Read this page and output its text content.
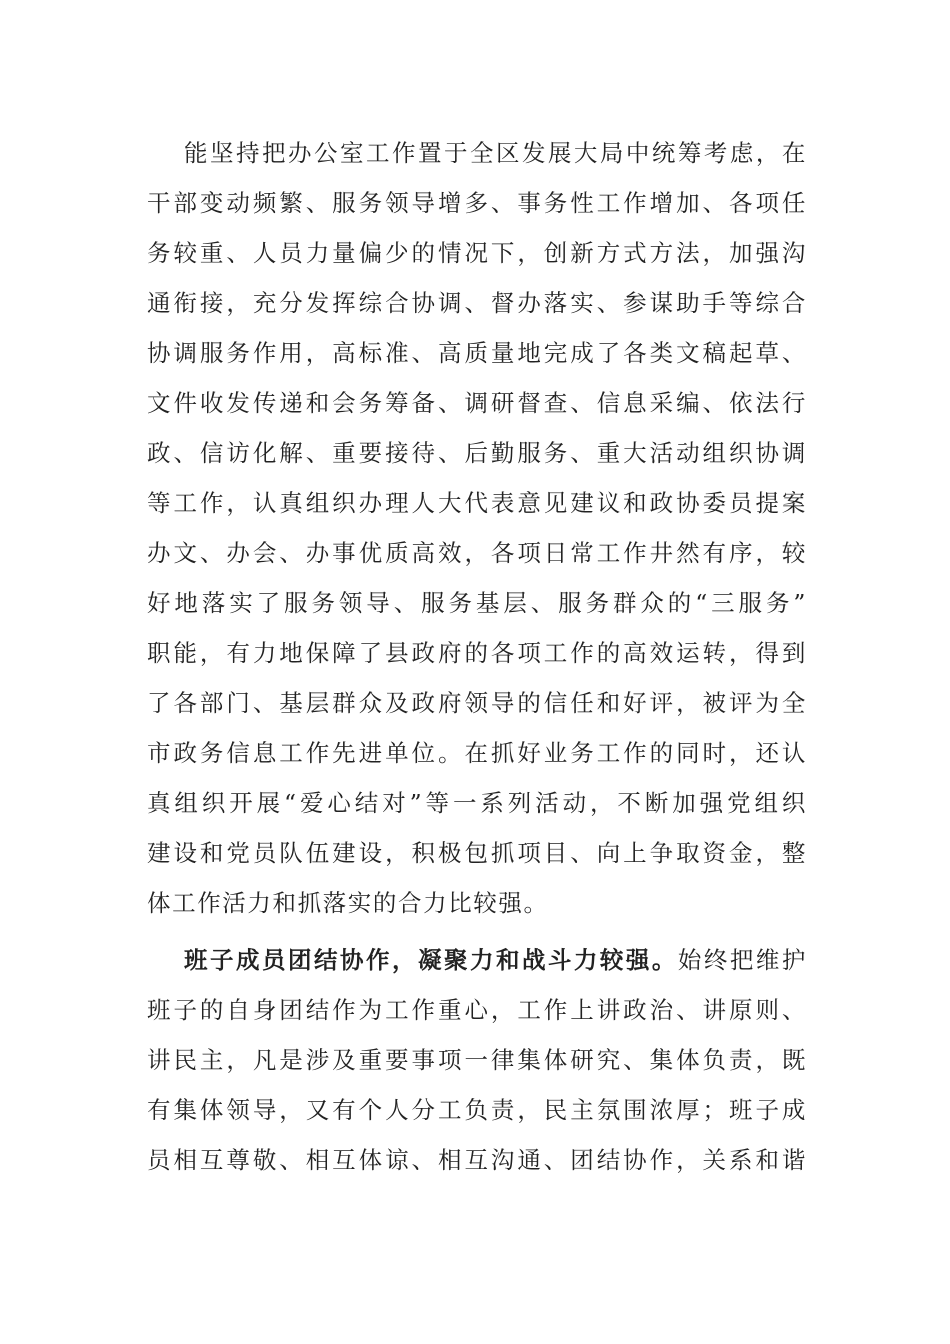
能坚持把办公室工作置于全区发展大局中统筹考虑，在
干部变动频繁、服务领导增多、事务性工作增加、各项任
务较重、人员力量偏少的情况下，创新方式方法，加强沟
通衔接，充分发挥综合协调、督办落实、参谋助手等综合
协调服务作用，高标准、高质量地完成了各类文稿起草、
文件收发传递和会务筹备、调研督查、信息采编、依法行
政、信访化解、重要接待、后勤服务、重大活动组织协调
等工作，认真组织办理人大代表意见建议和政协委员提案
办文、办会、办事优质高效，各项日常工作井然有序，较
好地落实了服务领导、服务基层、服务群众的“三服务”
职能，有力地保障了县政府的各项工作的高效运转，得到
了各部门、基层群众及政府领导的信任和好评，被评为全
市政务信息工作先进单位。在抓好业务工作的同时，还认
真组织开展“爱心结对”等一系列活动，不断加强党组织
建设和党员队伍建设，积极包抓项目、向上争取资金，整
体工作活力和抓落实的合力比较强。
班子成员团结协作，凝聚力和战斗力较强。始终把维护
班子的自身团结作为工作重心，工作上讲政治、讲原则、
讲民主，凡是涉及重要事项一律集体研究、集体负责，既
有集体领导，又有个人分工负责，民主氛围浓厚；班子成
员相互尊敬、相互体谅、相互沟通、团结协作，关系和谐
